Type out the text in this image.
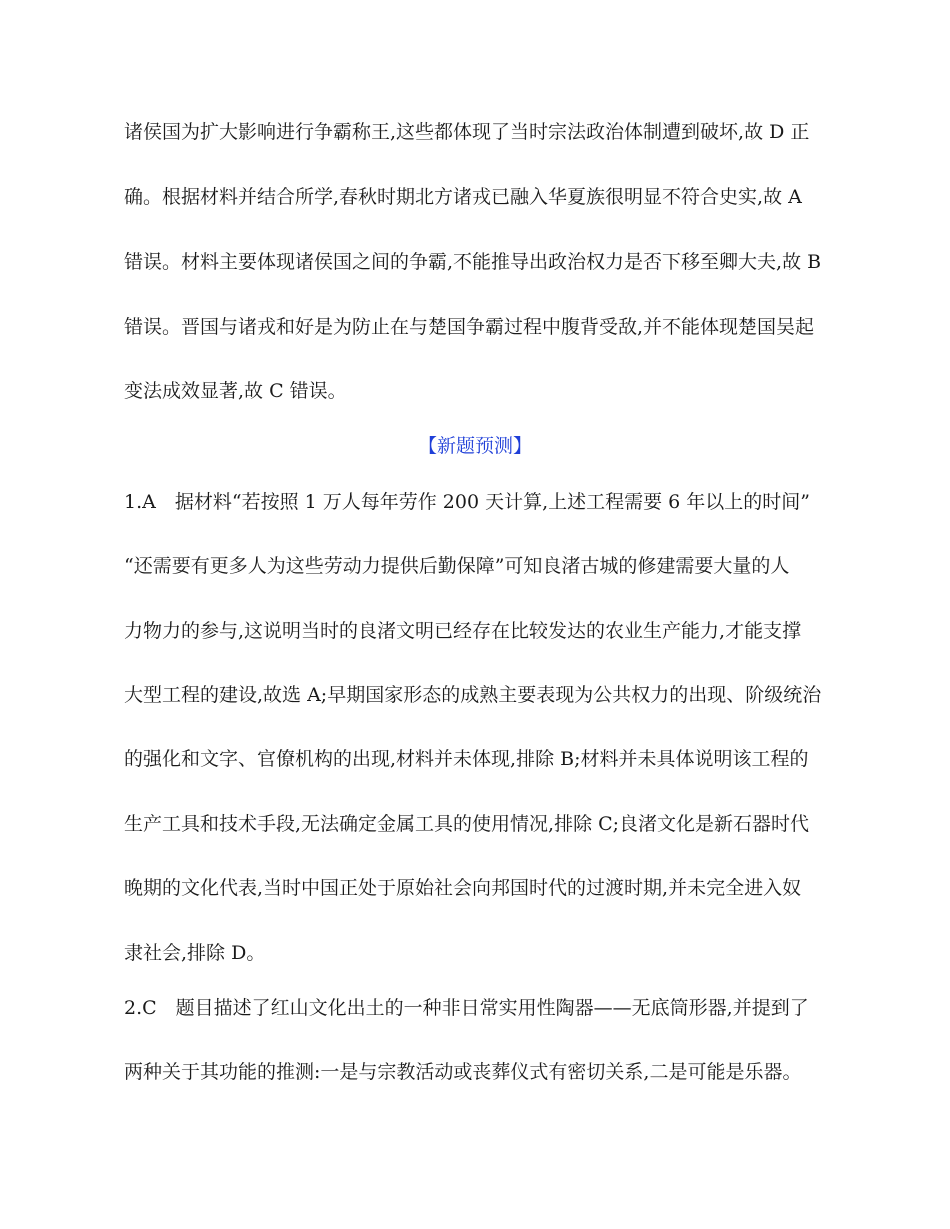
诸侯国为扩大影响进行争霸称王,这些都体现了当时宗法政治体制遭到破坏,故 D 正
确。根据材料并结合所学,春秋时期北方诸戎已融入华夏族很明显不符合史实,故 A
错误。材料主要体现诸侯国之间的争霸,不能推导出政治权力是否下移至卿大夫,故 B
错误。晋国与诸戎和好是为防止在与楚国争霸过程中腹背受敌,并不能体现楚国吴起
变法成效显著,故 C 错误。
【新题预测】
1.A　据材料“若按照 1 万人每年劳作 200 天计算,上述工程需要 6 年以上的时间”
“还需要有更多人为这些劳动力提供后勤保障”可知良渚古城的修建需要大量的人
力物力的参与,这说明当时的良渚文明已经存在比较发达的农业生产能力,才能支撑
大型工程的建设,故选 A;早期国家形态的成熟主要表现为公共权力的出现、阶级统治
的强化和文字、官僚机构的出现,材料并未体现,排除 B;材料并未具体说明该工程的
生产工具和技术手段,无法确定金属工具的使用情况,排除 C;良渚文化是新石器时代
晚期的文化代表,当时中国正处于原始社会向邦国时代的过渡时期,并未完全进入奴
隶社会,排除 D。
2.C　题目描述了红山文化出土的一种非日常实用性陶器——无底筒形器,并提到了
两种关于其功能的推测:一是与宗教活动或丧葬仪式有密切关系,二是可能是乐器。
